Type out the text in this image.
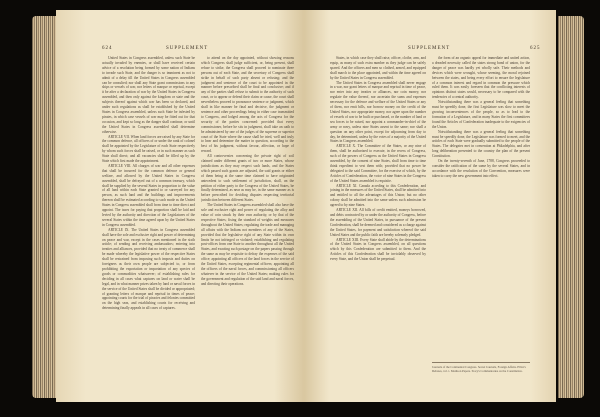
624	SUPPLEMENT

United States in Congress assembled, unless such State be actually invaded by enemies, or shall have received certain advice of a resolution being formed by some nation of Indians to invade such State, and the danger is so imminent as not to admit of a delay till the United States in Congress assembled can be consulted; nor shall any State grant commissions to any ships or vessels of war, nor letters of marque or reprisal, except it be after a declaration of war by the United States in Congress assembled, and then only against the kingdom or state and the subjects thereof against which war has been so declared, and under such regulations as shall be established by the United States in Congress assembled, unless such State be infested by pirates, in which case vessels of war may be fitted out for that occasion, and kept so long as the danger shall continue, or until the United States in Congress assembled shall determine otherwise.

ARTICLE VII. When land forces are raised by any State for the common defence, all officers of or under the rank of colonel shall be appointed by the Legislature of each State respectively by whom such forces shall be raised, or in such manner as such State shall direct; and all vacancies shall be filled up by the State which first made the appointment.

ARTICLE VIII. All charges of war and all other expenses that shall be incurred for the common defence or general welfare, and allowed by the United States in Congress assembled, shall be defrayed out of a common treasury, which shall be supplied by the several States in proportion to the value of all land within each State granted to or surveyed for any person, as such land and the buildings and improvements thereon shall be estimated according to such mode as the United States in Congress assembled shall from time to time direct and appoint. The taxes for paying that proportion shall be laid and levied by the authority and direction of the Legislatures of the several States within the time agreed upon by the United States in Congress assembled.

ARTICLE IX. The United States in Congress assembled shall have the sole and exclusive right and power of determining on peace and war, except in the cases mentioned in the sixth article; of sending and receiving ambassadors; entering into treaties and alliances, provided that no treaty of commerce shall be made whereby the legislative power of the respective States shall be restrained from imposing such imposts and duties on foreigners as their own people are subjected to, or from prohibiting the exportation or importation of any species of goods or commodities whatsoever; of establishing rules for deciding in all cases what captures on land or water shall be legal, and in what manner prizes taken by land or naval forces in the service of the United States shall be divided or appropriated; of granting letters of marque and reprisal in times of peace; appointing courts for the trial of piracies and felonies committed on the high seas, and establishing courts for receiving and determining finally appeals in all cases of captures.

to attend on the day appointed, without showing reasons which Congress shall judge sufficient, or, being present, shall refuse to strike, the Congress shall proceed to nominate three persons out of each State, and the secretary of Congress shall strike in behalf of such party absent or refusing; and the judgment and sentence of the court to be appointed in the manner before prescribed shall be final and conclusive; and if any of the parties shall refuse to submit to the authority of such court, or to appear or defend their claim or cause, the court shall nevertheless proceed to pronounce sentence or judgment, which shall in like manner be final and decisive, the judgment or sentence and other proceedings being in either case transmitted to Congress, and lodged among the acts of Congress for the security of the parties concerned: provided that every commissioner, before he sits in judgment, shall take an oath to be administered by one of the judges of the supreme or superior court of the State where the cause shall be tried, well and truly to hear and determine the matter in question, according to the best of his judgment, without favour, affection, or hope of reward.

All controversies concerning the private right of soil claimed under different grants of two or more States, whose jurisdictions as they may respect such lands, and the States which passed such grants are adjusted, the said grants or either of them being at the same time claimed to have originated antecedent to such settlement of jurisdiction, shall, on the petition of either party to the Congress of the United States, be finally determined, as near as may be, in the same manner as is before prescribed for deciding disputes respecting territorial jurisdiction between different States.

The United States in Congress assembled shall also have the sole and exclusive right and power of regulating the alloy and value of coin struck by their own authority, or by that of the respective States; fixing the standard of weights and measures throughout the United States; regulating the trade and managing all affairs with the Indians not members of any of the States, provided that the legislative right of any State within its own limits be not infringed or violated; establishing and regulating post-offices from one State to another throughout all the United States, and exacting such postage on the papers passing through the same as may be requisite to defray the expenses of the said office; appointing all officers of the land forces in the service of the United States, excepting regimental officers; appointing all the officers of the naval forces, and commissioning all officers whatever in the service of the United States; making rules for the government and regulation of the said land and naval forces, and directing their operations.

625
SUPPLEMENT

States, in which case they shall raise, officer, clothe, arm, and equip, as many of such extra number as they judge can be safely spared. And the officers and men so clothed, armed, and equipped shall march to the place appointed, and within the time agreed on by the United States in Congress assembled.

The United States in Congress assembled shall never engage in a war, nor grant letters of marque and reprisal in time of peace, nor enter into any treaties or alliances, nor coin money, nor regulate the value thereof, nor ascertain the sums and expenses necessary for the defence and welfare of the United States or any of them, nor emit bills, nor borrow money on the credit of the United States, nor appropriate money, nor agree upon the number of vessels of war to be built or purchased, or the number of land or sea forces to be raised, nor appoint a commander-in-chief of the army or navy, unless nine States assent to the same; nor shall a question on any other point, except for adjourning from day to day, be determined, unless by the votes of a majority of the United States in Congress assembled.

ARTICLE X. The Committee of the States, or any nine of them, shall be authorized to execute, in the recess of Congress, such of the powers of Congress as the United States in Congress assembled, by the consent of nine States, shall from time to time think expedient to vest them with; provided that no power be delegated to the said Committee, for the exercise of which, by the Articles of Confederation, the voice of nine States in the Congress of the United States assembled is requisite.

ARTICLE XI. Canada acceding to this Confederation, and joining in the measures of the United States, shall be admitted into and entitled to all the advantages of this Union; but no other colony shall be admitted into the same unless such admission be agreed to by nine States.

ARTICLE XII. All bills of credit emitted, moneys borrowed, and debts contracted by or under the authority of Congress, before the assembling of the United States, in pursuance of the present Confederation, shall be deemed and considered as a charge against the United States, for payment and satisfaction whereof the said United States and the public faith are hereby solemnly pledged.

ARTICLE XIII. Every State shall abide by the determinations of the United States in Congress assembled, on all questions which by this Confederation are submitted to them. And the Articles of this Confederation shall be inviolably observed by every State, and the Union shall be perpetual.

the form of an organic appeal for immediate and united action, a dreaded necessity called the states strong bond of union, for the danger of peace was hardly yet wholly safe. Their methods and devices which were wrought, whose seeming, the moral rejoined between the states, and being every effort to ensure the legislature of a common interest and regard in common the pressure which ruled them. It was easily foreseen that the conflicting interests of opinions distinct states would, necessary to be compared with the tendencies of a central authority.

Notwithstanding there was a general feeling that something must be speedily done, the first Legislature was slow to meet the growing inconveniences of the people, so as to lead to the formation of a Legislature, and in many States the first committees found the Articles of Confederation inadequate to the exigencies of the Union.

Notwithstanding there was a general feeling that something must be speedily done, the Legislature was formed to meet, and the articles of each State were gradually submitted to the people of the States. The delegates met in convention at Philadelphia, and after long deliberation presented to the country the plan of the present Constitution.

On the twenty-seventh of June, 1788, Congress proceeded to consider the ratification of the same by the several States, and in accordance with the resolution of the Convention, measures were taken to carry the new government into effect.

Journals of the Continental Congress. Secret Journals, Foreign Affairs. Elliot's Debates, vol. i. Madison Papers. Story's Commentaries on the Constitution.
